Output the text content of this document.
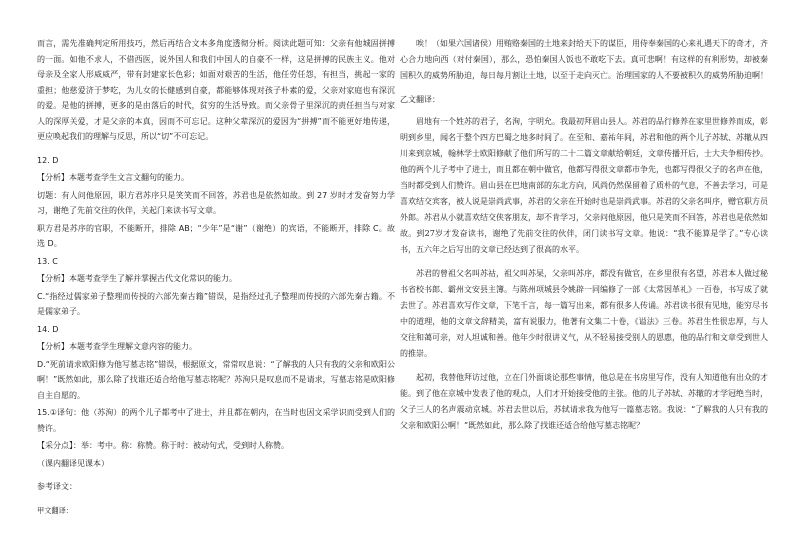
而言，需先准确判定所用技巧，然后再结合文本多角度透彻分析。阅读此题可知：父亲有他城固拼搏的一面。如他不求人，不借西医，说外国人和我们中国人的自豪不一样，这是拼搏的民族主义。他对母亲及全家人形威威严，带有封建家长色彩；如面对艰苦的生活，他任劳任怨，有担当，挑起一家的重担；他慈爱济于梦吃，为儿女的长健感到自豪，都能够体现对孩子朴素的爱，父亲对家庭也有深沉的爱。是他的拼搏，更多的是由落后的时代，贫穷的生活导致。而父亲骨子里深沉的责任担当与对家人的深厚关爱，才是父亲的本真，因而不可忘记。这种父辈深沉的爱因为“拼搏”而不能更好地传递，更应唤起我们的理解与反思，所以“切”不可忘记。

12. D

【分析】本题考查学生文言文翻句的能力。

切题：有人问他原因，职方君苏序只是笑笑而不回答，苏君也是依然如故。到 27 岁时才发奋努力学习，谢绝了先前交往的伙伴，关起门来读书写文章。

职方君是苏序的官职，不能断开，排除 AB；“少年”是“谢”（谢绝）的宾语，不能断开，排除 C。故选 D。

13. C

【分析】本题考查学生了解并掌握古代文化常识的能力。

C.“指经过儒家弟子整理而传授的六部先秦古籍”错误，是指经过孔子整理而传授的六部先秦古籍。不是儒家弟子。

14. D

【分析】本题考查学生理解文意内容的能力。

D.“死前请求欧阳修为他写墓志铭”错误，根据原文，常常叹息说：“了解我的人只有我的父亲和欧阳公啊！”既然如此，那么除了找谁还适合给他写墓志铭呢？苏洵只是叹息而不是请求，写墓志铭是欧阳修自主自愿的。

15.①译句：他（苏洵）的两个儿子都考中了进士，并且都在朝内，在当时也因文采学识而受到人们的赞许。

【采分点】：举：考中。称：称赞。称于时：被动句式，受到时人称赞。

（课内翻译见课本）

参考译文：

甲文翻译：

唉！（如果六国诸侯）用贿赂秦国的土地来封给天下的谋臣，用侍奉秦国的心来礼遇天下的奇才，齐心合力地向西（对付秦国），那么，恐怕秦国人饭也不敢吃下去。真可悲啊！有这样的有利形势，却被秦国积久的威势所胁迫，每日每月割让土地，以至于走向灭亡。治理国家的人不要被积久的威势所胁迫啊！

乙文翻译：

眉地有一个姓苏的君子，名洵，字明允。我最初拜眉山县人。苏君的品行修养在家里世修养而成，彰明到乡里，闻名于整个四方巴蜀之地多时间了。在至和、嘉祐年间，苏君和他的两个儿子苏轼、苏辙从四川来到京城，翰林学士欧阳修献了他们所写的二十二篇文章献给朝廷，文章传播开后，士大夫争相传抄。他的两个儿子考中了进士，而且都在朝中做官，他都写得很文章都市争先，也都写得很父子的名声在他，当时都受到人们赞许。眉山县在巴地南部的东北方向，风尚仍然保留着了质朴的气息，不善去学习，可是喜欢结交宾客，被人说是崇尚武事，苏君的父亲在开始时也是崇尚武事。苏君的父亲名叫序，赠官职方员外郎。苏君从小就喜欢结交侠客朋友，却不肯学习，父亲问他原因，他只是笑而不回答，苏君也是依然如故。到27岁才发奋读书，谢绝了先前交往的伙伴，闭门读书写文章。他说：“我不能算是学了。”专心读书，五六年之后写出的文章已经达到了很高的水平。

苏君的曾祖父名叫苏祜，祖父叫苏杲，父亲叫苏序，都没有做官，在乡里很有名望，苏君本人做过秘书省校书郎、霸州文安县主簿。与陈州项城县令姚辟一同编修了一部《太常因革礼》一百卷，书写成了就去世了。苏君喜欢写作文章，下笔千言，每一篇写出来，都有很多人传诵。苏君读书很有见地，能穷尽书中的道理，他的文章文辞精美，富有说服力，他著有文集二十卷，《谥法》三卷。苏君生性很忠厚，与人交往和蔼可亲，对人坦诚和善。他年少时很讲义气，从不轻易接受别人的恩惠，他的品行和文章受到世人的推崇。

起初，我替他拜访过他，立在门外面谈论那些事情，他总是在书房里写作，没有人知道他有出众的才能。到了他在京城中发表了他的观点，人们才开始接受他的主张。他的儿子苏轼、苏辙的才学冠绝当时，父子三人的名声震动京城。苏君去世以后，苏轼请求我为他写一篇墓志铭。我说：“了解我的人只有我的父亲和欧阳公啊！”既然如此，那么除了找谁还适合给他写墓志铭呢？
